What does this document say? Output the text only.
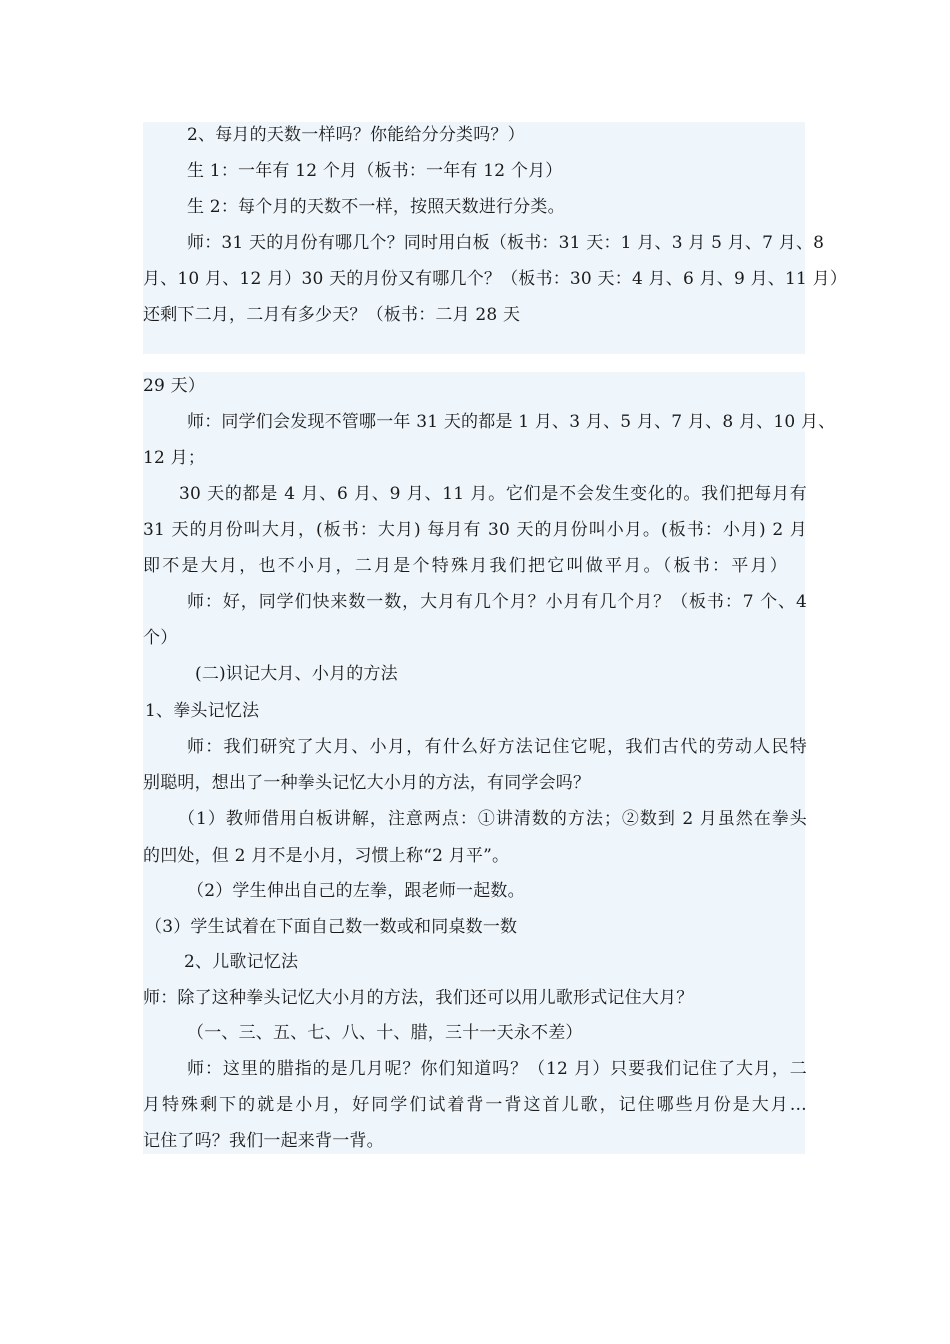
2、每月的天数一样吗？你能给分分类吗？）
生 1：一年有 12 个月（板书：一年有 12 个月）
生 2：每个月的天数不一样，按照天数进行分类。
师：31 天的月份有哪几个？同时用白板（板书：31 天：1 月、3 月 5 月、7 月、8
月、10 月、12 月）30 天的月份又有哪几个？（板书：30 天：4 月、6 月、9 月、11 月）
还剩下二月，二月有多少天？（板书：二月 28 天
29 天）
师：同学们会发现不管哪一年 31 天的都是 1 月、3 月、5 月、7 月、8 月、10 月、
12 月；
30 天的都是 4 月、6 月、9 月、11 月。它们是不会发生变化的。我们把每月有
31 天的月份叫大月，(板书：大月) 每月有 30 天的月份叫小月。(板书：小月) 2 月
即不是大月，也不小月，二月是个特殊月我们把它叫做平月。（板书：平月）
师：好，同学们快来数一数，大月有几个月？小月有几个月？（板书：7 个、4
个）
(二)识记大月、小月的方法
1、拳头记忆法
师：我们研究了大月、小月，有什么好方法记住它呢，我们古代的劳动人民特
别聪明，想出了一种拳头记忆大小月的方法，有同学会吗？
（1）教师借用白板讲解，注意两点：①讲清数的方法；②数到 2 月虽然在拳头
的凹处，但 2 月不是小月，习惯上称“2 月平”。
（2）学生伸出自己的左拳，跟老师一起数。
（3）学生试着在下面自己数一数或和同桌数一数
2、儿歌记忆法
师：除了这种拳头记忆大小月的方法，我们还可以用儿歌形式记住大月？
（一、三、五、七、八、十、腊，三十一天永不差）
师：这里的腊指的是几月呢？你们知道吗？（12 月）只要我们记住了大月，二
月特殊剩下的就是小月，好同学们试着背一背这首儿歌，记住哪些月份是大月…
记住了吗？我们一起来背一背。
